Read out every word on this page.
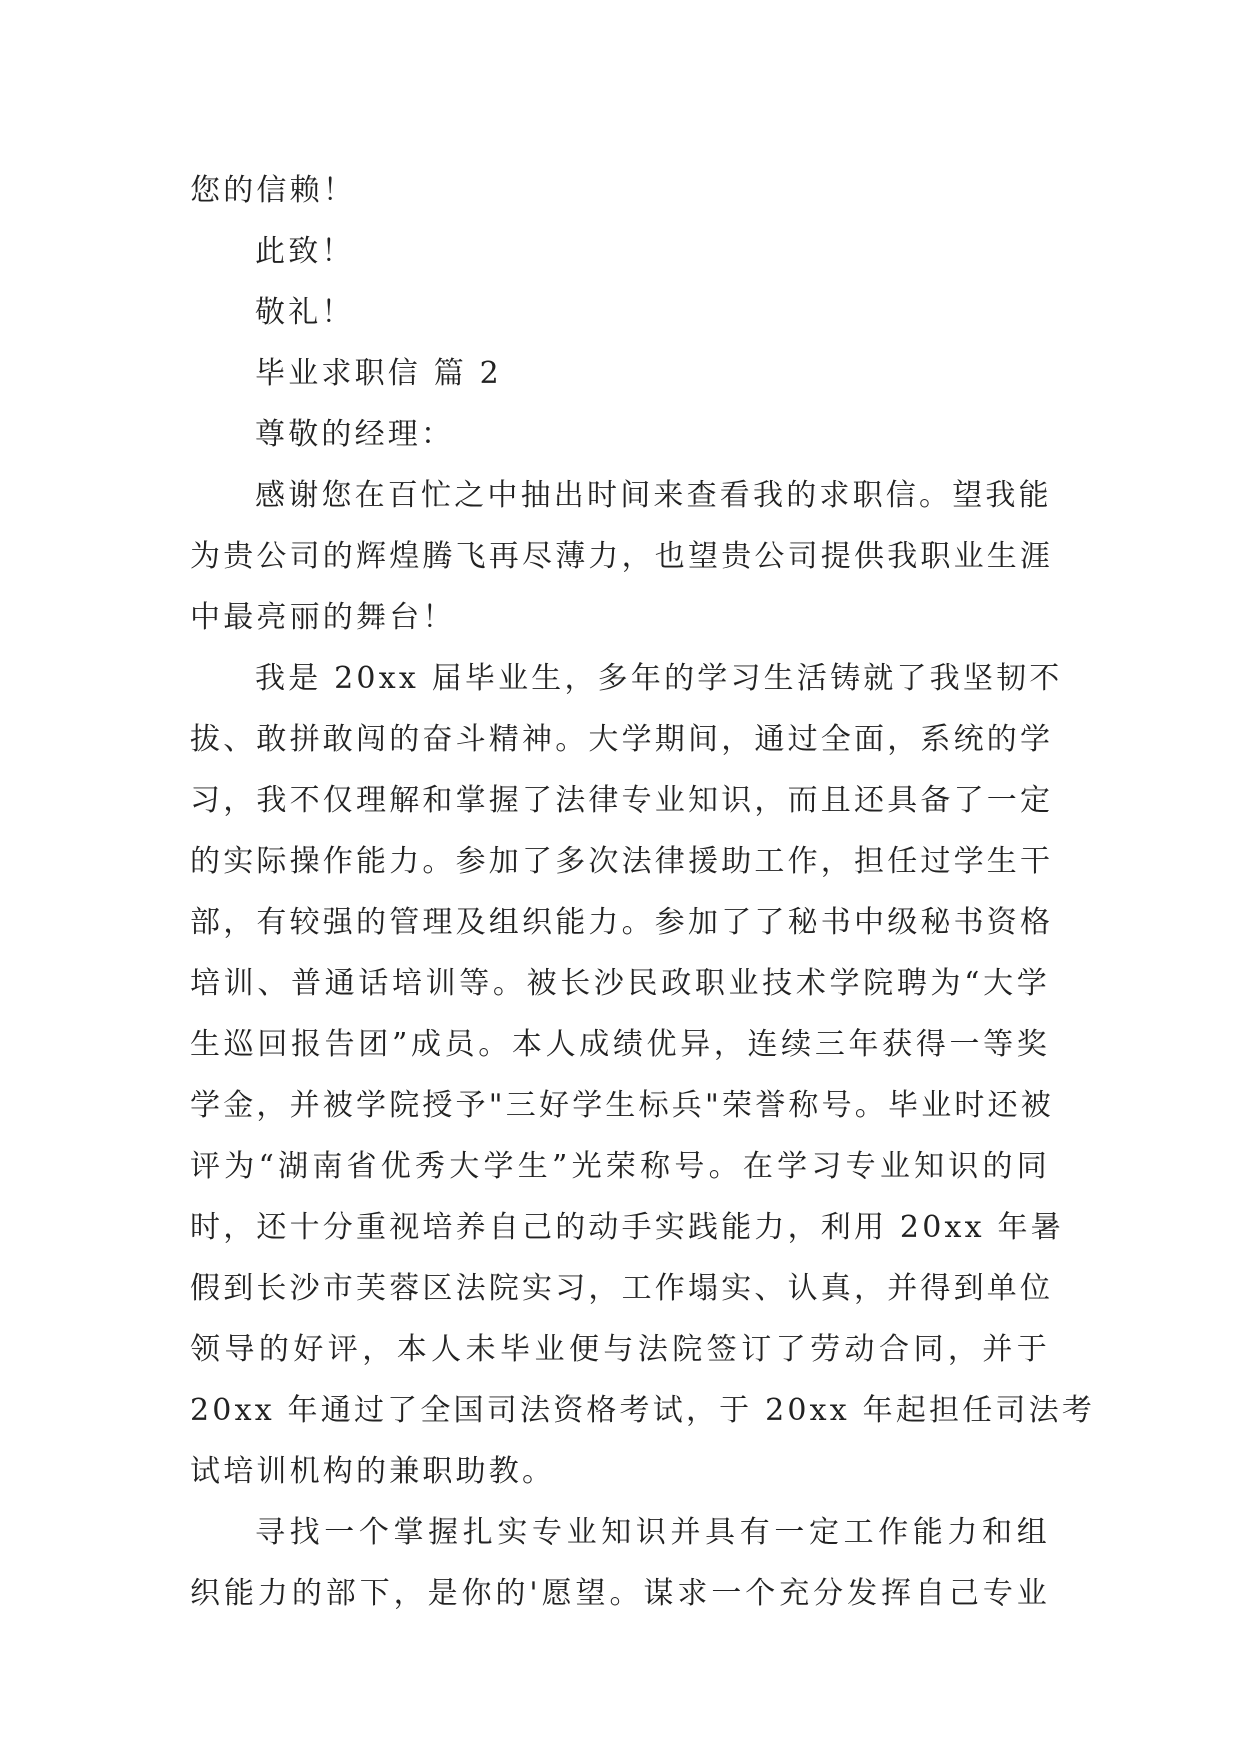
您的信赖！
此致！
敬礼！
毕业求职信 篇 2
尊敬的经理：
感谢您在百忙之中抽出时间来查看我的求职信。望我能
为贵公司的辉煌腾飞再尽薄力，也望贵公司提供我职业生涯
中最亮丽的舞台！
我是 20xx 届毕业生，多年的学习生活铸就了我坚韧不
拔、敢拼敢闯的奋斗精神。大学期间，通过全面，系统的学
习，我不仅理解和掌握了法律专业知识，而且还具备了一定
的实际操作能力。参加了多次法律援助工作，担任过学生干
部，有较强的管理及组织能力。参加了了秘书中级秘书资格
培训、普通话培训等。被长沙民政职业技术学院聘为“大学
生巡回报告团”成员。本人成绩优异，连续三年获得一等奖
学金，并被学院授予"三好学生标兵"荣誉称号。毕业时还被
评为“湖南省优秀大学生”光荣称号。在学习专业知识的同
时，还十分重视培养自己的动手实践能力，利用 20xx 年暑
假到长沙市芙蓉区法院实习，工作塌实、认真，并得到单位
领导的好评，本人未毕业便与法院签订了劳动合同，并于
20xx 年通过了全国司法资格考试，于 20xx 年起担任司法考
试培训机构的兼职助教。
寻找一个掌握扎实专业知识并具有一定工作能力和组
织能力的部下，是你的'愿望。谋求一个充分发挥自己专业
